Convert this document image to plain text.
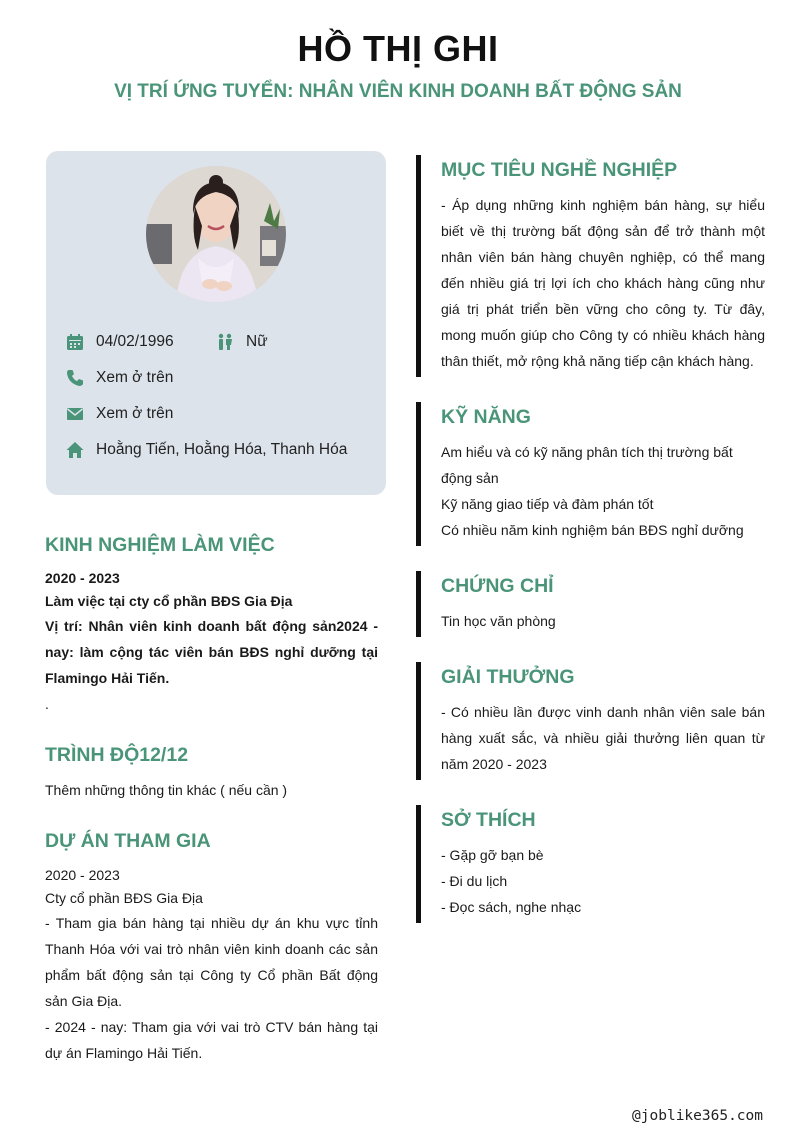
HỒ THỊ GHI
VỊ TRÍ ỨNG TUYỂN: NHÂN VIÊN KINH DOANH BẤT ĐỘNG SẢN
04/02/1996	Nữ
Xem ở trên
Xem ở trên
Hoằng Tiến, Hoằng Hóa, Thanh Hóa
KINH NGHIỆM LÀM VIỆC
2020 - 2023
Làm việc tại cty cổ phần BĐS Gia Địa
Vị trí: Nhân viên kinh doanh bất động sản2024 - nay: làm cộng tác viên bán BĐS nghỉ dưỡng tại Flamingo Hải Tiến.
.
TRÌNH ĐỘ12/12
Thêm những thông tin khác ( nếu cần )
DỰ ÁN THAM GIA
2020 - 2023
Cty cổ phần BĐS Gia Địa
- Tham gia bán hàng tại nhiều dự án khu vực tỉnh Thanh Hóa với vai trò nhân viên kinh doanh các sản phẩm bất động sản tại Công ty Cổ phần Bất động sản Gia Địa.
- 2024 - nay: Tham gia với vai trò CTV bán hàng tại dự án Flamingo Hải Tiến.
MỤC TIÊU NGHỀ NGHIỆP
- Áp dụng những kinh nghiệm bán hàng, sự hiểu biết về thị trường bất động sản để trở thành một nhân viên bán hàng chuyên nghiệp, có thể mang đến nhiều giá trị lợi ích cho khách hàng cũng như giá trị phát triển bền vững cho công ty. Từ đây, mong muốn giúp cho Công ty có nhiều khách hàng thân thiết, mở rộng khả năng tiếp cận khách hàng.
KỸ NĂNG
Am hiểu và có kỹ năng phân tích thị trường bất động sản
Kỹ năng giao tiếp và đàm phán tốt
Có nhiều năm kinh nghiệm bán BĐS nghỉ dưỡng
CHỨNG CHỈ
Tin học văn phòng
GIẢI THƯỞNG
- Có nhiều lần được vinh danh nhân viên sale bán hàng xuất sắc, và nhiều giải thưởng liên quan từ năm 2020 - 2023
SỞ THÍCH
- Gặp gỡ bạn bè
- Đi du lịch
- Đọc sách, nghe nhạc
@joblike365.com
